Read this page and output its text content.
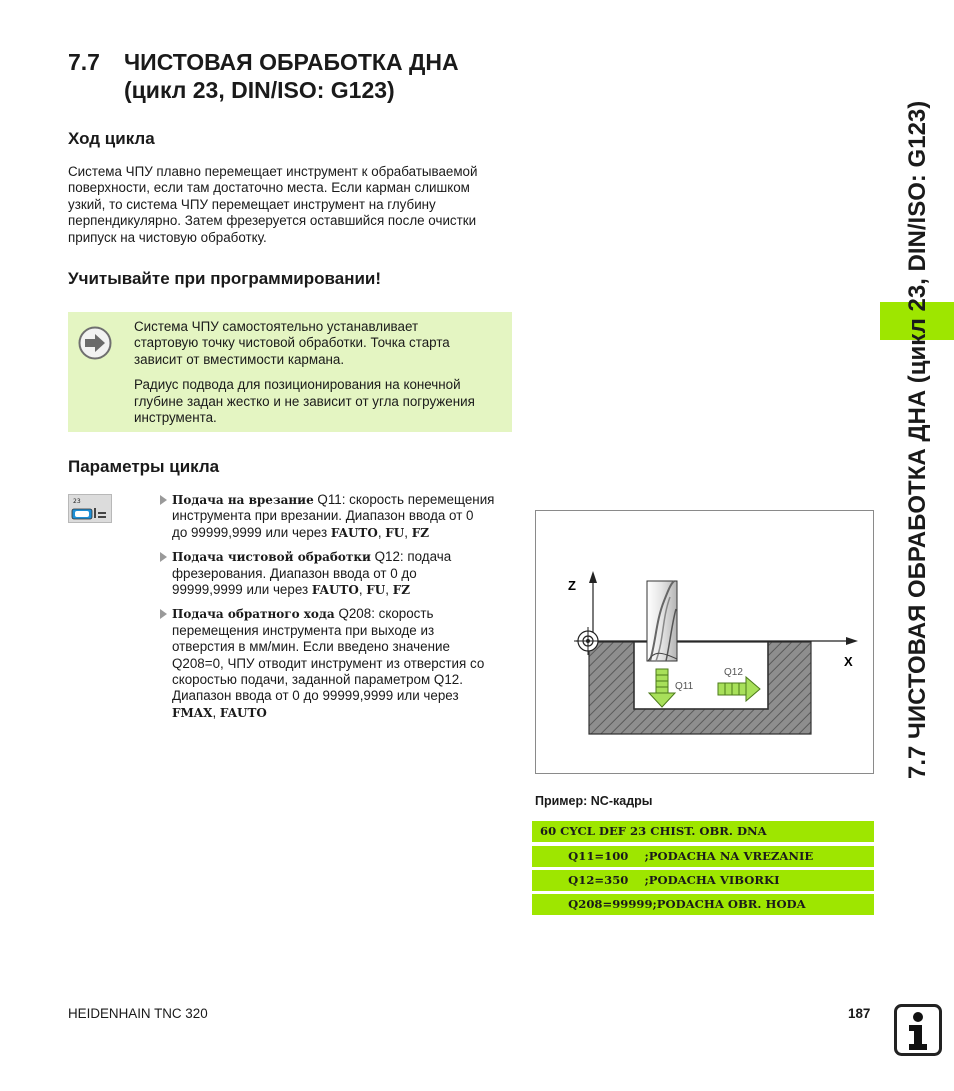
7.7 ЧИСТОВАЯ ОБРАБОТКА ДНА
(цикл 23, DIN/ISO: G123)
Ход цикла
Система ЧПУ плавно перемещает инструмент к обрабатываемой
поверхности, если там достаточно места. Если карман слишком
узкий, то система ЧПУ перемещает инструмент на глубину
перпендикулярно. Затем фрезеруется оставшийся после очистки
припуск на чистовую обработку.
Учитывайте при программировании!

Система ЧПУ самостоятельно устанавливает
стартовую точку чистовой обработки. Точка старта
зависит от вместимости кармана.

Радиус подвода для позиционирования на конечной
глубине задан жестко и не зависит от угла погружения
инструмента.

Параметры цикла
23	Подача на врезание Q11: скорость перемещения
инструмента при врезании. Диапазон ввода от 0
до 99999,9999 или через FAUTO, FU, FZ
Подача чистовой обработки Q12: подача
фрезерования. Диапазон ввода от 0 до
99999,9999 или через FAUTO, FU, FZ
Подача обратного хода Q208: скорость
перемещения инструмента при выходе из
отверстия в мм/мин. Если введено значение
Q208=0, ЧПУ отводит инструмент из отверстия со
скоростью подачи, заданной параметром Q12.
Диапазон ввода от 0 до 99999,9999 или через
FMAX, FAUTO
Z
X
Q11
Q12
Пример: NC-кадры
60 CYCL DEF 23 CHIST. OBR. DNA
Q11=100    ;PODACHA NA VREZANIE
Q12=350    ;PODACHA VIBORKI
Q208=99999;PODACHA OBR. HODA
7.7 ЧИСТОВАЯ ОБРАБОТКА ДНА (цикл 23, DIN/ISO: G123)
HEIDENHAIN TNC 320	187
